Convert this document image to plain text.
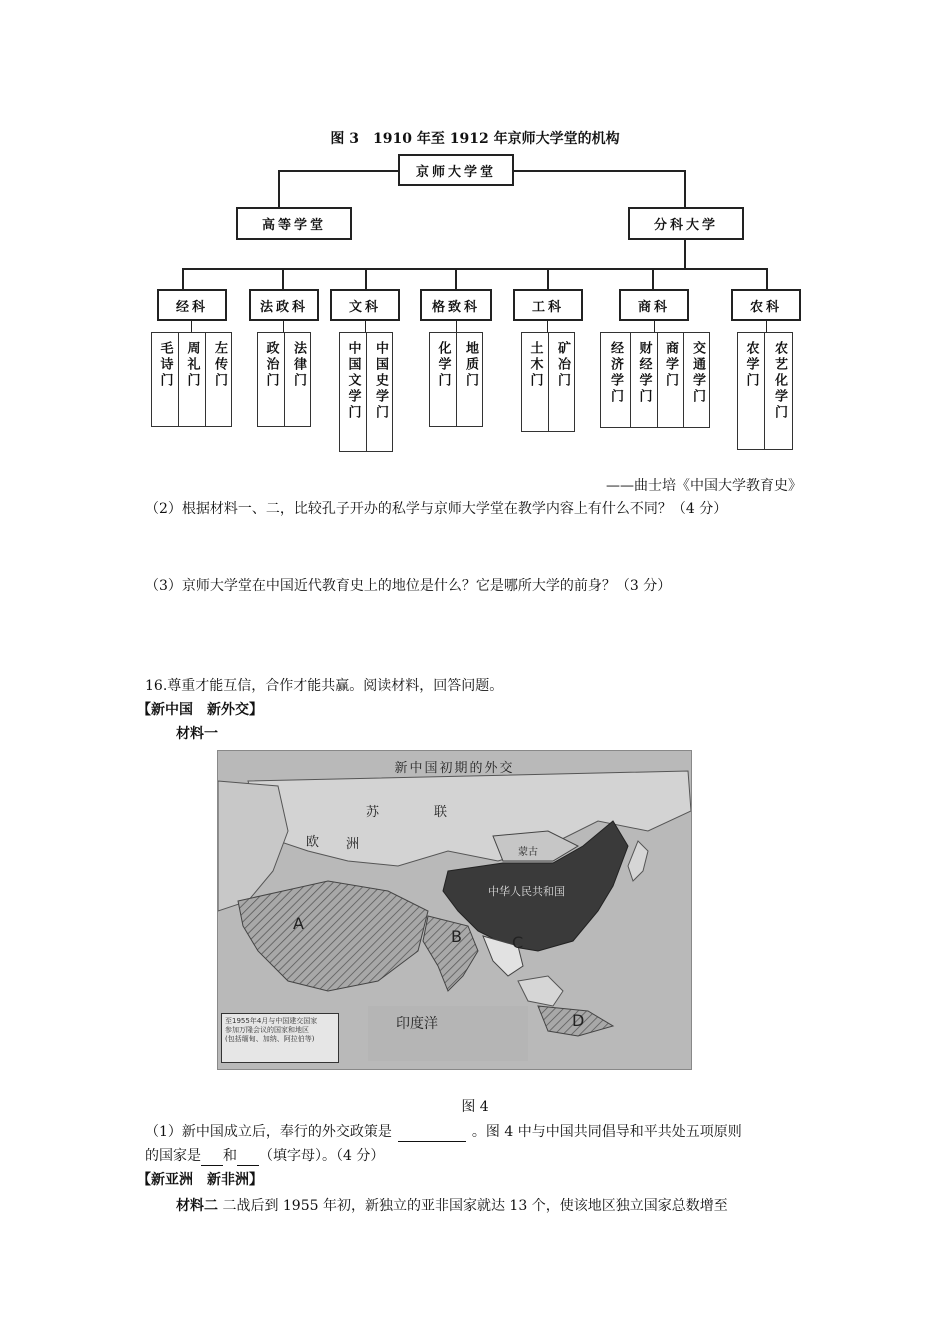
图 3　1910 年至 1912 年京师大学堂的机构
京师大学堂
高等学堂	分科大学
经科	法政科	文科	格致科	工科	商科	农科
毛诗门 周礼门 左传门	政治门 法律门	中国文学门 中国史学门	化学门 地质门	土木门 矿冶门	经济学门 财经学门 商学门 交通学门	农学门 农艺化学门
——曲士培《中国大学教育史》
（2）根据材料一、二，比较孔子开办的私学与京师大学堂在教学内容上有什么不同？（4 分）
（3）京师大学堂在中国近代教育史上的地位是什么？它是哪所大学的前身？（3 分）
16.尊重才能互信，合作才能共赢。阅读材料，回答问题。
【新中国　新外交】
材料一
新中国初期的外交
苏	联
欧 洲
蒙古
中华人民共和国
印度洋
A
B	C
D
至1955年4月与中国建交国家
参加万隆会议的国家和地区
(包括缅甸、加纳、阿拉伯等)
图 4
（1）新中国成立后，奉行的外交政策是	。图 4 中与中国共同倡导和平共处五项原则
的国家是 和 （填字母）。（4 分）
【新亚洲　新非洲】
材料二 二战后到 1955 年初，新独立的亚非国家就达 13 个，使该地区独立国家总数增至
